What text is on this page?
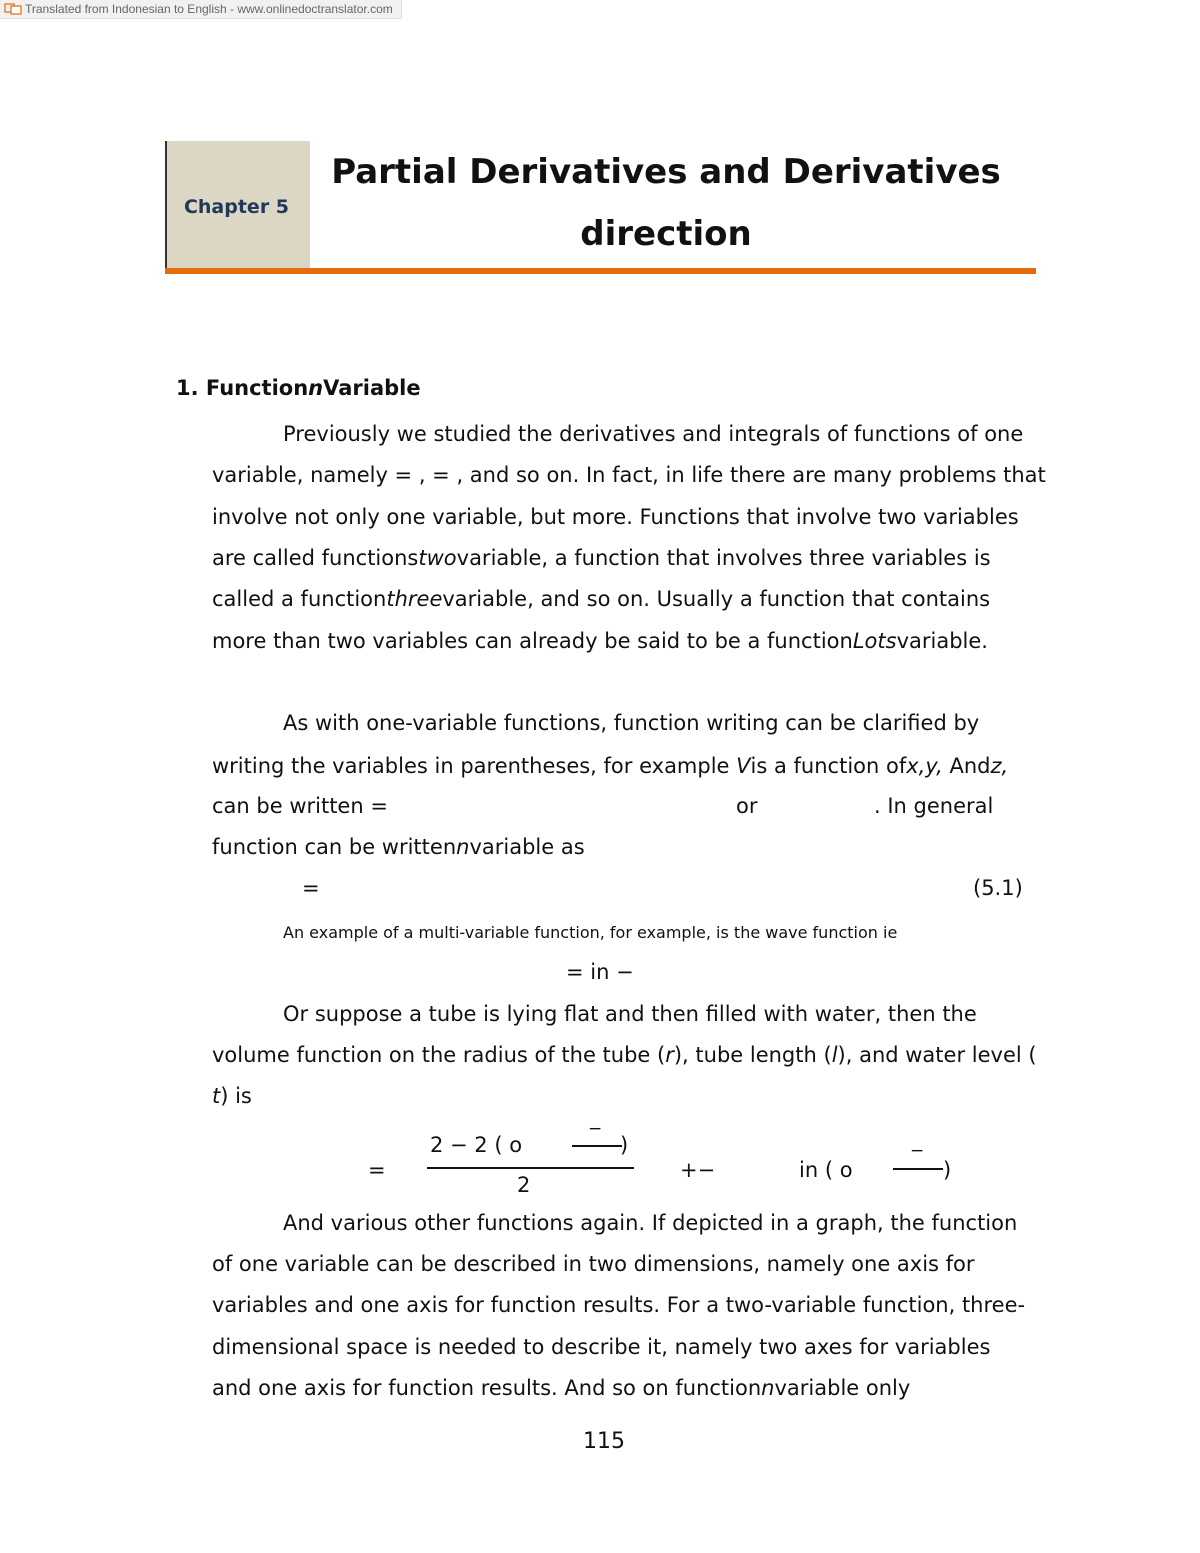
Translated from Indonesian to English - www.onlinedoctranslator.com
Chapter 5
Partial Derivatives and Derivatives
direction
1. FunctionnVariable
Previously we studied the derivatives and integrals of functions of one
variable, namely = , = , and so on. In fact, in life there are many problems that
involve not only one variable, but more. Functions that involve two variables
are called functionstwovariable, a function that involves three variables is
called a functionthreevariable, and so on. Usually a function that contains
more than two variables can already be said to be a functionLotsvariable.
As with one-variable functions, function writing can be clarified by
writing the variables in parentheses, for example Vis a function ofx,y, Andz,
can be written =	or	. In general
function can be writtennvariable as
=	(5.1)
An example of a multi-variable function, for example, is the wave function ie
= in −
Or suppose a tube is lying flat and then filled with water, then the
volume function on the radius of the tube (r), tube length (l), and water level (
t) is
=
2 − 2 ( o
−
)
2
+−	in ( o
−
)
And various other functions again. If depicted in a graph, the function
of one variable can be described in two dimensions, namely one axis for
variables and one axis for function results. For a two-variable function, three-
dimensional space is needed to describe it, namely two axes for variables
and one axis for function results. And so on functionnvariable only
115
